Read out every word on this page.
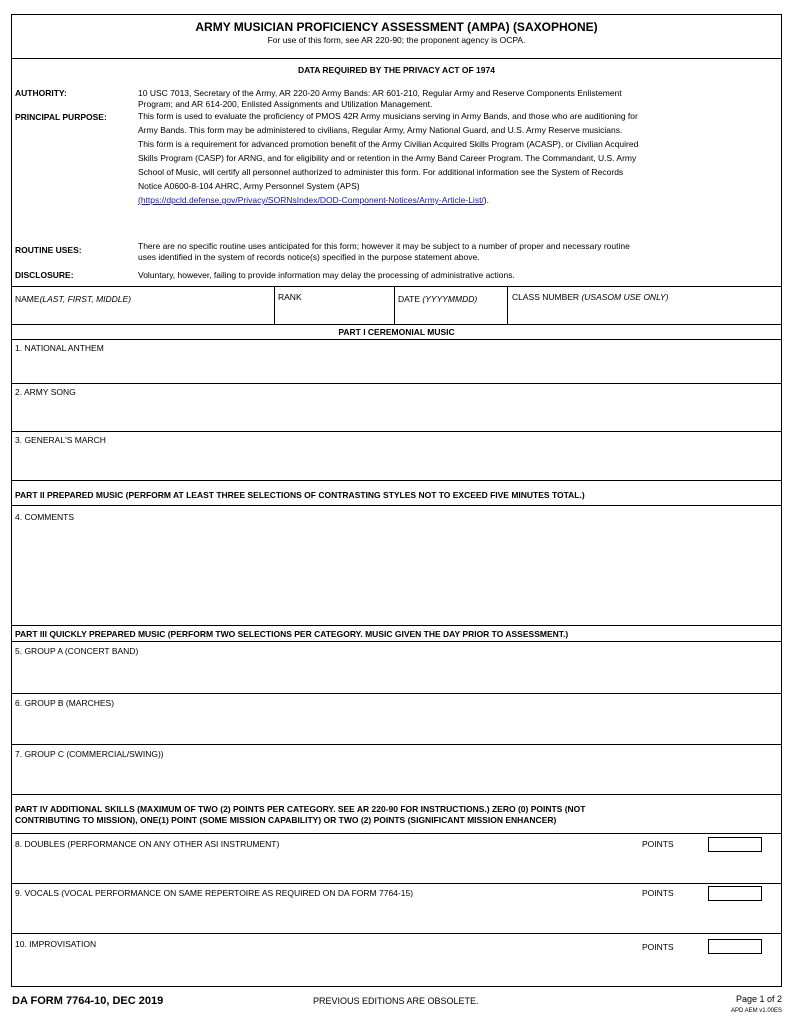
ARMY MUSICIAN PROFICIENCY ASSESSMENT (AMPA) (SAXOPHONE)
For use of this form, see AR 220-90; the proponent agency is OCPA.
DATA REQUIRED BY THE PRIVACY ACT OF 1974
AUTHORITY:	10 USC 7013, Secretary of the Army, AR 220-20 Army Bands: AR 601-210, Regular Army and Reserve Components Enlistement
Program; and AR 614-200, Enlisted Assignments and Utilization Management.
PRINCIPAL PURPOSE:	This form is used to evaluate the proficiency of PMOS 42R Army musicians serving in Army Bands, and those who are auditioning for
Army Bands. This form may be administered to civilians, Regular Army, Army National Guard, and U.S. Army Reserve musicians.
This form is a requirement for advanced promotion benefit of the Army Civilian Acquired Skills Program (ACASP), or Civilian Acquired
Skills Program (CASP) for ARNG, and for eligibility and or retention in the Army Band Career Program. The Commandant, U.S. Army
School of Music, will certify all personnel authorized to administer this form. For additional information see the System of Records
Notice A0600-8-104 AHRC, Army Personnel System (APS)
(https://dpcld.defense.gov/Privacy/SORNsIndex/DOD-Component-Notices/Army-Article-List/).
ROUTINE USES:	There are no specific routine uses anticipated for this form; however it may be subject to a number of proper and necessary routine
uses identified in the system of records notice(s) specified in the purpose statement above.
DISCLOSURE:	Voluntary, however, failing to provide information may delay the processing of administrative actions.
NAME(LAST, FIRST, MIDDLE)	RANK	DATE (YYYYMMDD)	CLASS NUMBER (USASOM USE ONLY)
PART I CEREMONIAL MUSIC
1. NATIONAL ANTHEM
2. ARMY SONG
3. GENERAL'S MARCH
PART II PREPARED MUSIC (PERFORM AT LEAST THREE SELECTIONS OF CONTRASTING STYLES NOT TO EXCEED FIVE MINUTES TOTAL.)
4. COMMENTS
PART III QUICKLY PREPARED MUSIC (PERFORM TWO SELECTIONS PER CATEGORY. MUSIC GIVEN THE DAY PRIOR TO ASSESSMENT.)
5. GROUP A (CONCERT BAND)
6. GROUP B (MARCHES)
7. GROUP C (COMMERCIAL/SWING))
PART IV ADDITIONAL SKILLS (MAXIMUM OF TWO (2) POINTS PER CATEGORY. SEE AR 220-90 FOR INSTRUCTIONS.) ZERO (0) POINTS (NOT
CONTRIBUTING TO MISSION), ONE(1) POINT (SOME MISSION CAPABILITY) OR TWO (2) POINTS (SIGNIFICANT MISSION ENHANCER)
8. DOUBLES (PERFORMANCE ON ANY OTHER ASI INSTRUMENT)	POINTS
9. VOCALS (VOCAL PERFORMANCE ON SAME REPERTOIRE AS REQUIRED ON DA FORM 7764-15)	POINTS
10. IMPROVISATION	POINTS
DA FORM 7764-10, DEC 2019	PREVIOUS EDITIONS ARE OBSOLETE.	Page 1 of 2
APD AEM v1.00ES
